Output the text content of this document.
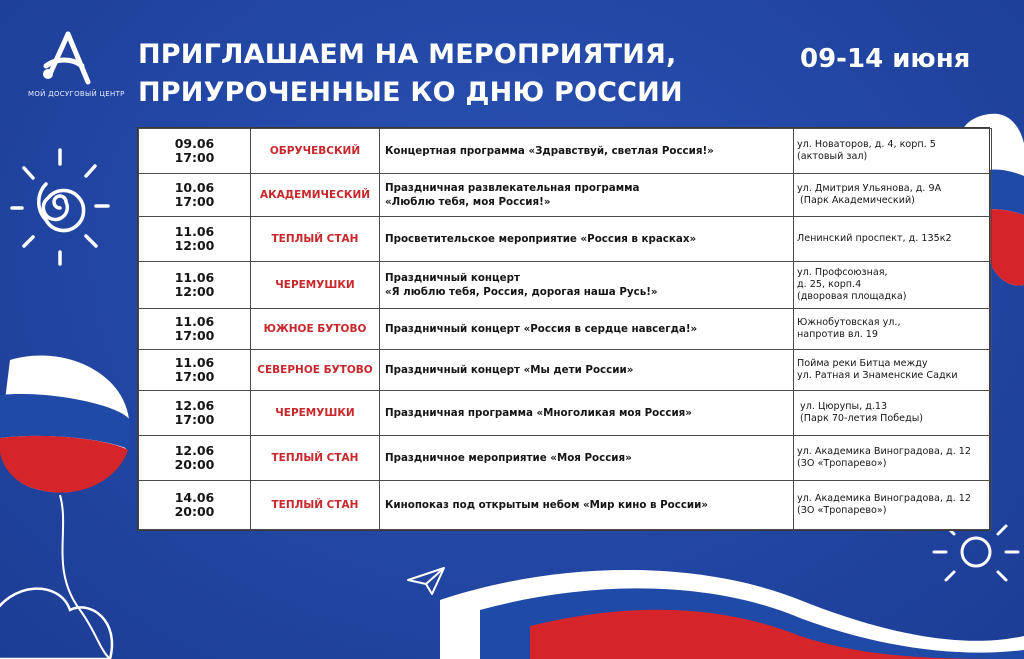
МОЙ ДОСУГОВЫЙ ЦЕНТР
ПРИГЛАШАЕМ НА МЕРОПРИЯТИЯ,
ПРИУРОЧЕННЫЕ КО ДНЮ РОССИИ
09-14 июня
09.06
17:00	ОБРУЧЕВСКИЙ	Концертная программа «Здравствуй, светлая Россия!»	ул. Новаторов, д. 4, корп. 5
(актовый зал)

10.06
17:00	АКАДЕМИЧЕСКИЙ	Праздничная развлекательная программа
«Люблю тебя, моя Россия!»	ул. Дмитрия Ульянова, д. 9А
(Парк Академический)

11.06
12:00	ТЕПЛЫЙ СТАН	Просветительское мероприятие «Россия в красках»	Ленинский проспект, д. 135к2

11.06
12:00	ЧЕРЕМУШКИ	Праздничный концерт
«Я люблю тебя, Россия, дорогая наша Русь!»	ул. Профсоюзная,
д. 25, корп.4
(дворовая площадка)

11.06
17:00	ЮЖНОЕ БУТОВО	Праздничный концерт «Россия в сердце навсегда!»	Южнобутовская ул.,
напротив вл. 19

11.06
17:00	СЕВЕРНОЕ БУТОВО	Праздничный концерт «Мы дети России»	Пойма реки Битца между
ул. Ратная и Знаменские Садки

12.06
17:00	ЧЕРЕМУШКИ	Праздничная программа «Многоликая моя Россия»	ул. Цюрупы, д.13
(Парк 70-летия Победы)

12.06
20:00	ТЕПЛЫЙ СТАН	Праздничное мероприятие «Моя Россия»	ул. Академика Виноградова, д. 12
(ЗО «Тропарево»)

14.06
20:00	ТЕПЛЫЙ СТАН	Кинопоказ под открытым небом «Мир кино в России»	ул. Академика Виноградова, д. 12
(ЗО «Тропарево»)
